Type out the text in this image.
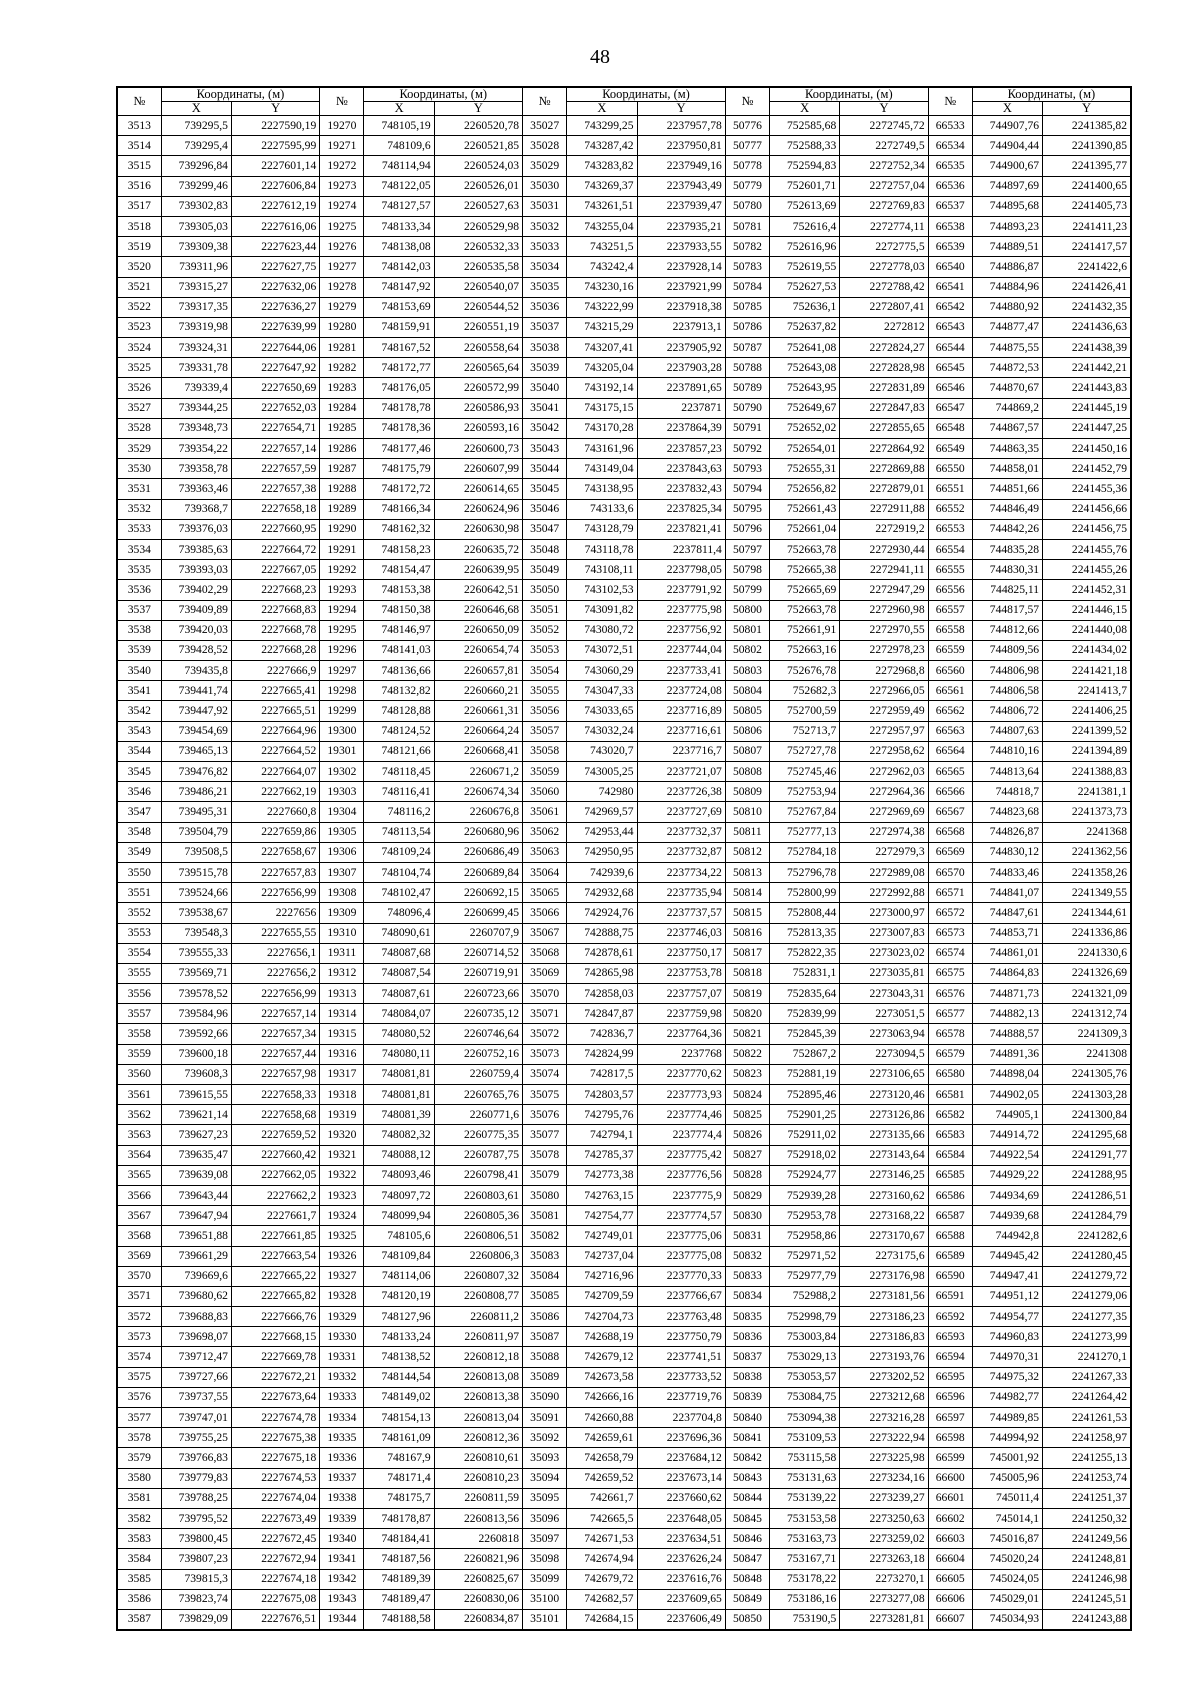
48
№	Координаты, (м)		№	Координаты, (м)		№	Координаты, (м)		№	Координаты, (м)		№	Координаты, (м)	
	X	Y		X	Y		X	Y		X	Y		X	Y
3513	739295,5	2227590,19	19270	748105,19	2260520,78	35027	743299,25	2237957,78	50776	752585,68	2272745,72	66533	744907,76	2241385,82
3514	739295,4	2227595,99	19271	748109,6	2260521,85	35028	743287,42	2237950,81	50777	752588,33	2272749,5	66534	744904,44	2241390,85
3515	739296,84	2227601,14	19272	748114,94	2260524,03	35029	743283,82	2237949,16	50778	752594,83	2272752,34	66535	744900,67	2241395,77
3516	739299,46	2227606,84	19273	748122,05	2260526,01	35030	743269,37	2237943,49	50779	752601,71	2272757,04	66536	744897,69	2241400,65
3517	739302,83	2227612,19	19274	748127,57	2260527,63	35031	743261,51	2237939,47	50780	752613,69	2272769,83	66537	744895,68	2241405,73
3518	739305,03	2227616,06	19275	748133,34	2260529,98	35032	743255,04	2237935,21	50781	752616,4	2272774,11	66538	744893,23	2241411,23
3519	739309,38	2227623,44	19276	748138,08	2260532,33	35033	743251,5	2237933,55	50782	752616,96	2272775,5	66539	744889,51	2241417,57
3520	739311,96	2227627,75	19277	748142,03	2260535,58	35034	743242,4	2237928,14	50783	752619,55	2272778,03	66540	744886,87	2241422,6
3521	739315,27	2227632,06	19278	748147,92	2260540,07	35035	743230,16	2237921,99	50784	752627,53	2272788,42	66541	744884,96	2241426,41
3522	739317,35	2227636,27	19279	748153,69	2260544,52	35036	743222,99	2237918,38	50785	752636,1	2272807,41	66542	744880,92	2241432,35
3523	739319,98	2227639,99	19280	748159,91	2260551,19	35037	743215,29	2237913,1	50786	752637,82	2272812	66543	744877,47	2241436,63
3524	739324,31	2227644,06	19281	748167,52	2260558,64	35038	743207,41	2237905,92	50787	752641,08	2272824,27	66544	744875,55	2241438,39
3525	739331,78	2227647,92	19282	748172,77	2260565,64	35039	743205,04	2237903,28	50788	752643,08	2272828,98	66545	744872,53	2241442,21
3526	739339,4	2227650,69	19283	748176,05	2260572,99	35040	743192,14	2237891,65	50789	752643,95	2272831,89	66546	744870,67	2241443,83
3527	739344,25	2227652,03	19284	748178,78	2260586,93	35041	743175,15	2237871	50790	752649,67	2272847,83	66547	744869,2	2241445,19
3528	739348,73	2227654,71	19285	748178,36	2260593,16	35042	743170,28	2237864,39	50791	752652,02	2272855,65	66548	744867,57	2241447,25
3529	739354,22	2227657,14	19286	748177,46	2260600,73	35043	743161,96	2237857,23	50792	752654,01	2272864,92	66549	744863,35	2241450,16
3530	739358,78	2227657,59	19287	748175,79	2260607,99	35044	743149,04	2237843,63	50793	752655,31	2272869,88	66550	744858,01	2241452,79
3531	739363,46	2227657,38	19288	748172,72	2260614,65	35045	743138,95	2237832,43	50794	752656,82	2272879,01	66551	744851,66	2241455,36
3532	739368,7	2227658,18	19289	748166,34	2260624,96	35046	743133,6	2237825,34	50795	752661,43	2272911,88	66552	744846,49	2241456,66
3533	739376,03	2227660,95	19290	748162,32	2260630,98	35047	743128,79	2237821,41	50796	752661,04	2272919,2	66553	744842,26	2241456,75
3534	739385,63	2227664,72	19291	748158,23	2260635,72	35048	743118,78	2237811,4	50797	752663,78	2272930,44	66554	744835,28	2241455,76
3535	739393,03	2227667,05	19292	748154,47	2260639,95	35049	743108,11	2237798,05	50798	752665,38	2272941,11	66555	744830,31	2241455,26
3536	739402,29	2227668,23	19293	748153,38	2260642,51	35050	743102,53	2237791,92	50799	752665,69	2272947,29	66556	744825,11	2241452,31
3537	739409,89	2227668,83	19294	748150,38	2260646,68	35051	743091,82	2237775,98	50800	752663,78	2272960,98	66557	744817,57	2241446,15
3538	739420,03	2227668,78	19295	748146,97	2260650,09	35052	743080,72	2237756,92	50801	752661,91	2272970,55	66558	744812,66	2241440,08
3539	739428,52	2227668,28	19296	748141,03	2260654,74	35053	743072,51	2237744,04	50802	752663,16	2272978,23	66559	744809,56	2241434,02
3540	739435,8	2227666,9	19297	748136,66	2260657,81	35054	743060,29	2237733,41	50803	752676,78	2272968,8	66560	744806,98	2241421,18
3541	739441,74	2227665,41	19298	748132,82	2260660,21	35055	743047,33	2237724,08	50804	752682,3	2272966,05	66561	744806,58	2241413,7
3542	739447,92	2227665,51	19299	748128,88	2260661,31	35056	743033,65	2237716,89	50805	752700,59	2272959,49	66562	744806,72	2241406,25
3543	739454,69	2227664,96	19300	748124,52	2260664,24	35057	743032,24	2237716,61	50806	752713,7	2272957,97	66563	744807,63	2241399,52
3544	739465,13	2227664,52	19301	748121,66	2260668,41	35058	743020,7	2237716,7	50807	752727,78	2272958,62	66564	744810,16	2241394,89
3545	739476,82	2227664,07	19302	748118,45	2260671,2	35059	743005,25	2237721,07	50808	752745,46	2272962,03	66565	744813,64	2241388,83
3546	739486,21	2227662,19	19303	748116,41	2260674,34	35060	742980	2237726,38	50809	752753,94	2272964,36	66566	744818,7	2241381,1
3547	739495,31	2227660,8	19304	748116,2	2260676,8	35061	742969,57	2237727,69	50810	752767,84	2272969,69	66567	744823,68	2241373,73
3548	739504,79	2227659,86	19305	748113,54	2260680,96	35062	742953,44	2237732,37	50811	752777,13	2272974,38	66568	744826,87	2241368
3549	739508,5	2227658,67	19306	748109,24	2260686,49	35063	742950,95	2237732,87	50812	752784,18	2272979,3	66569	744830,12	2241362,56
3550	739515,78	2227657,83	19307	748104,74	2260689,84	35064	742939,6	2237734,22	50813	752796,78	2272989,08	66570	744833,46	2241358,26
3551	739524,66	2227656,99	19308	748102,47	2260692,15	35065	742932,68	2237735,94	50814	752800,99	2272992,88	66571	744841,07	2241349,55
3552	739538,67	2227656	19309	748096,4	2260699,45	35066	742924,76	2237737,57	50815	752808,44	2273000,97	66572	744847,61	2241344,61
3553	739548,3	2227655,55	19310	748090,61	2260707,9	35067	742888,75	2237746,03	50816	752813,35	2273007,83	66573	744853,71	2241336,86
3554	739555,33	2227656,1	19311	748087,68	2260714,52	35068	742878,61	2237750,17	50817	752822,35	2273023,02	66574	744861,01	2241330,6
3555	739569,71	2227656,2	19312	748087,54	2260719,91	35069	742865,98	2237753,78	50818	752831,1	2273035,81	66575	744864,83	2241326,69
3556	739578,52	2227656,99	19313	748087,61	2260723,66	35070	742858,03	2237757,07	50819	752835,64	2273043,31	66576	744871,73	2241321,09
3557	739584,96	2227657,14	19314	748084,07	2260735,12	35071	742847,87	2237759,98	50820	752839,99	2273051,5	66577	744882,13	2241312,74
3558	739592,66	2227657,34	19315	748080,52	2260746,64	35072	742836,7	2237764,36	50821	752845,39	2273063,94	66578	744888,57	2241309,3
3559	739600,18	2227657,44	19316	748080,11	2260752,16	35073	742824,99	2237768	50822	752867,2	2273094,5	66579	744891,36	2241308
3560	739608,3	2227657,98	19317	748081,81	2260759,4	35074	742817,5	2237770,62	50823	752881,19	2273106,65	66580	744898,04	2241305,76
3561	739615,55	2227658,33	19318	748081,81	2260765,76	35075	742803,57	2237773,93	50824	752895,46	2273120,46	66581	744902,05	2241303,28
3562	739621,14	2227658,68	19319	748081,39	2260771,6	35076	742795,76	2237774,46	50825	752901,25	2273126,86	66582	744905,1	2241300,84
3563	739627,23	2227659,52	19320	748082,32	2260775,35	35077	742794,1	2237774,4	50826	752911,02	2273135,66	66583	744914,72	2241295,68
3564	739635,47	2227660,42	19321	748088,12	2260787,75	35078	742785,37	2237775,42	50827	752918,02	2273143,64	66584	744922,54	2241291,77
3565	739639,08	2227662,05	19322	748093,46	2260798,41	35079	742773,38	2237776,56	50828	752924,77	2273146,25	66585	744929,22	2241288,95
3566	739643,44	2227662,2	19323	748097,72	2260803,61	35080	742763,15	2237775,9	50829	752939,28	2273160,62	66586	744934,69	2241286,51
3567	739647,94	2227661,7	19324	748099,94	2260805,36	35081	742754,77	2237774,57	50830	752953,78	2273168,22	66587	744939,68	2241284,79
3568	739651,88	2227661,85	19325	748105,6	2260806,51	35082	742749,01	2237775,06	50831	752958,86	2273170,67	66588	744942,8	2241282,6
3569	739661,29	2227663,54	19326	748109,84	2260806,3	35083	742737,04	2237775,08	50832	752971,52	2273175,6	66589	744945,42	2241280,45
3570	739669,6	2227665,22	19327	748114,06	2260807,32	35084	742716,96	2237770,33	50833	752977,79	2273176,98	66590	744947,41	2241279,72
3571	739680,62	2227665,82	19328	748120,19	2260808,77	35085	742709,59	2237766,67	50834	752988,2	2273181,56	66591	744951,12	2241279,06
3572	739688,83	2227666,76	19329	748127,96	2260811,2	35086	742704,73	2237763,48	50835	752998,79	2273186,23	66592	744954,77	2241277,35
3573	739698,07	2227668,15	19330	748133,24	2260811,97	35087	742688,19	2237750,79	50836	753003,84	2273186,83	66593	744960,83	2241273,99
3574	739712,47	2227669,78	19331	748138,52	2260812,18	35088	742679,12	2237741,51	50837	753029,13	2273193,76	66594	744970,31	2241270,1
3575	739727,66	2227672,21	19332	748144,54	2260813,08	35089	742673,58	2237733,52	50838	753053,57	2273202,52	66595	744975,32	2241267,33
3576	739737,55	2227673,64	19333	748149,02	2260813,38	35090	742666,16	2237719,76	50839	753084,75	2273212,68	66596	744982,77	2241264,42
3577	739747,01	2227674,78	19334	748154,13	2260813,04	35091	742660,88	2237704,8	50840	753094,38	2273216,28	66597	744989,85	2241261,53
3578	739755,25	2227675,38	19335	748161,09	2260812,36	35092	742659,61	2237696,36	50841	753109,53	2273222,94	66598	744994,92	2241258,97
3579	739766,83	2227675,18	19336	748167,9	2260810,61	35093	742658,79	2237684,12	50842	753115,58	2273225,98	66599	745001,92	2241255,13
3580	739779,83	2227674,53	19337	748171,4	2260810,23	35094	742659,52	2237673,14	50843	753131,63	2273234,16	66600	745005,96	2241253,74
3581	739788,25	2227674,04	19338	748175,7	2260811,59	35095	742661,7	2237660,62	50844	753139,22	2273239,27	66601	745011,4	2241251,37
3582	739795,52	2227673,49	19339	748178,87	2260813,56	35096	742665,5	2237648,05	50845	753153,58	2273250,63	66602	745014,1	2241250,32
3583	739800,45	2227672,45	19340	748184,41	2260818	35097	742671,53	2237634,51	50846	753163,73	2273259,02	66603	745016,87	2241249,56
3584	739807,23	2227672,94	19341	748187,56	2260821,96	35098	742674,94	2237626,24	50847	753167,71	2273263,18	66604	745020,24	2241248,81
3585	739815,3	2227674,18	19342	748189,39	2260825,67	35099	742679,72	2237616,76	50848	753178,22	2273270,1	66605	745024,05	2241246,98
3586	739823,74	2227675,08	19343	748189,47	2260830,06	35100	742682,57	2237609,65	50849	753186,16	2273277,08	66606	745029,01	2241245,51
3587	739829,09	2227676,51	19344	748188,58	2260834,87	35101	742684,15	2237606,49	50850	753190,5	2273281,81	66607	745034,93	2241243,88
